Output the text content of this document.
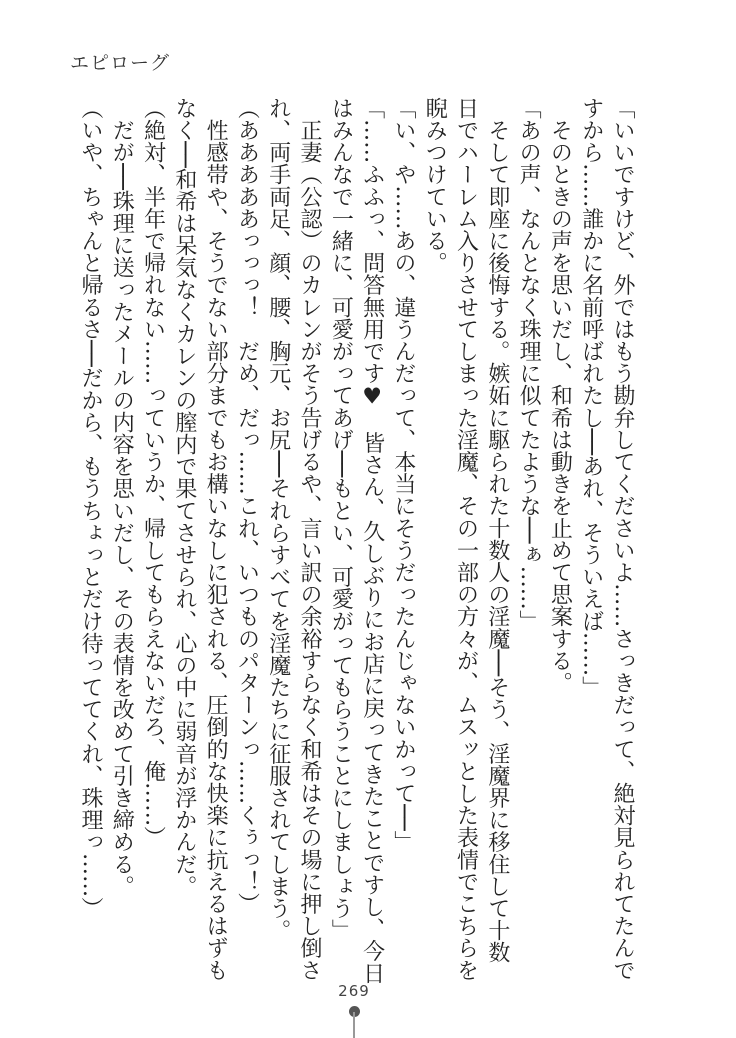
エピローグ
「いいですけど、外ではもう勘弁してくださいよ……さっきだって、絶対見られてたんで
すから……誰かに名前呼ばれたし──あれ、そういえば……」
　そのときの声を思いだし、和希は動きを止めて思案する。
「あの声、なんとなく珠理に似てたような──ぁ……」
　そして即座に後悔する。嫉妬に駆られた十数人の淫魔──そう、淫魔界に移住して十数
日でハーレム入りさせてしまった淫魔、その一部の方々が、ムスッとした表情でこちらを
睨みつけている。
「い、や……あの、違うんだって、本当にそうだったんじゃないかって──」
「……ふふっ、問答無用です♥　皆さん、久しぶりにお店に戻ってきたことですし、今日
はみんなで一緒に、可愛がってあげ──もとい、可愛がってもらうことにしましょう」
　正妻（公認）のカレンがそう告げるや、言い訳の余裕すらなく和希はその場に押し倒さ
れ、両手両足、顔、腰、胸元、お尻──それらすべてを淫魔たちに征服されてしまう。
（あああああっっっ！　だめ、だっ……これ、いつものパターンっ……くぅっ！）
　性感帯や、そうでない部分までもお構いなしに犯される、圧倒的な快楽に抗えるはずも
なく──和希は呆気なくカレンの膣内で果てさせられ、心の中に弱音が浮かんだ。
（絶対、半年で帰れない……っていうか、帰してもらえないだろ、俺……）
　だが──珠理に送ったメールの内容を思いだし、その表情を改めて引き締める。
（いや、ちゃんと帰るさ──だから、もうちょっとだけ待っててくれ、珠理っ……）
269
